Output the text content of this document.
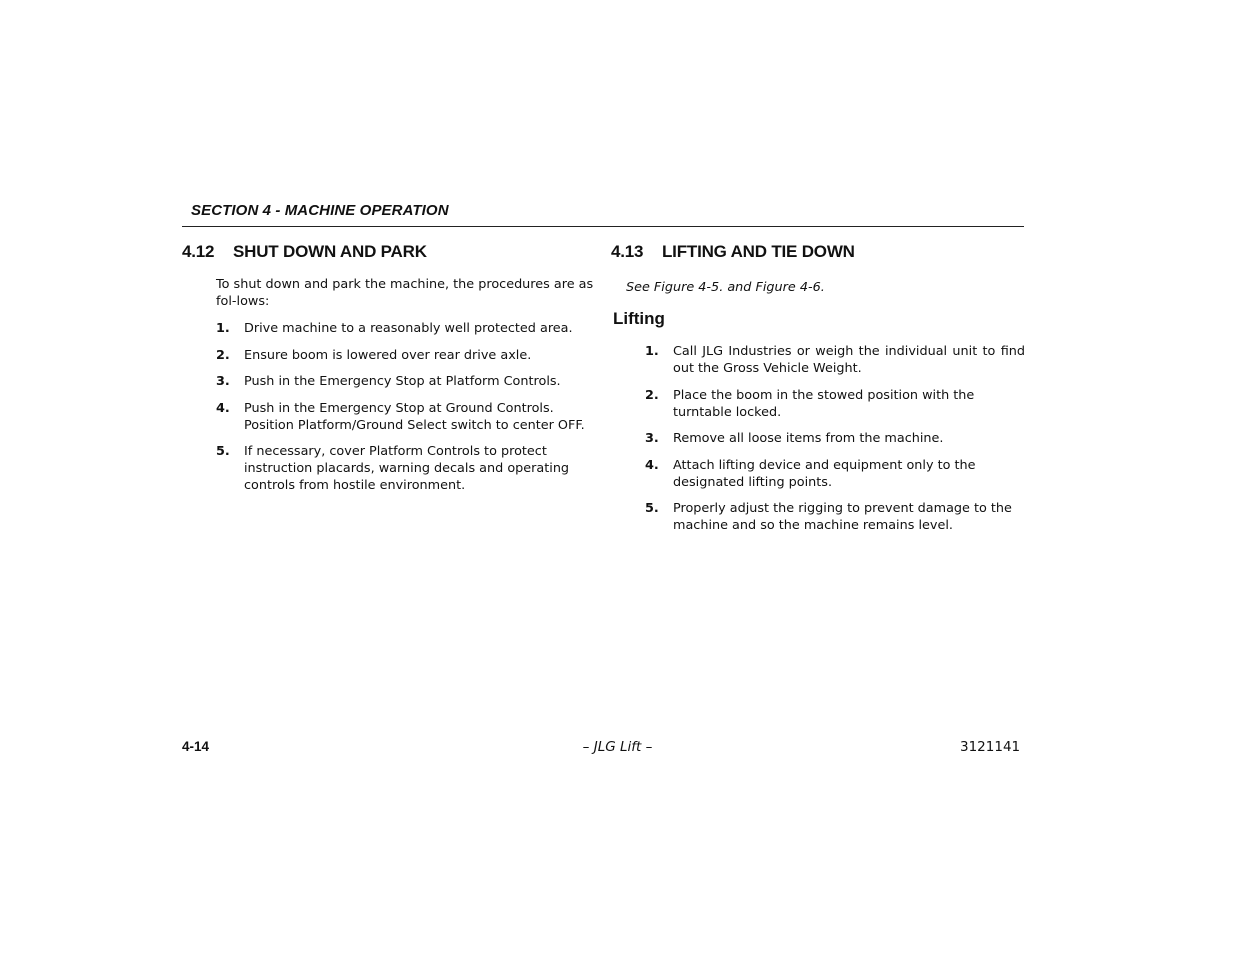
SECTION 4 - MACHINE OPERATION
4.12 SHUT DOWN AND PARK
To shut down and park the machine, the procedures are as fol-lows:
1. Drive machine to a reasonably well protected area.
2. Ensure boom is lowered over rear drive axle.
3. Push in the Emergency Stop at Platform Controls.
4. Push in the Emergency Stop at Ground Controls. Position Platform/Ground Select switch to center OFF.
5. If necessary, cover Platform Controls to protect instruction placards, warning decals and operating controls from hostile environment.
4.13 LIFTING AND TIE DOWN
See Figure 4-5. and Figure 4-6.
Lifting
1. Call JLG Industries or weigh the individual unit to find out the Gross Vehicle Weight.
2. Place the boom in the stowed position with the turntable locked.
3. Remove all loose items from the machine.
4. Attach lifting device and equipment only to the designated lifting points.
5. Properly adjust the rigging to prevent damage to the machine and so the machine remains level.
4-14	– JLG Lift –	3121141
